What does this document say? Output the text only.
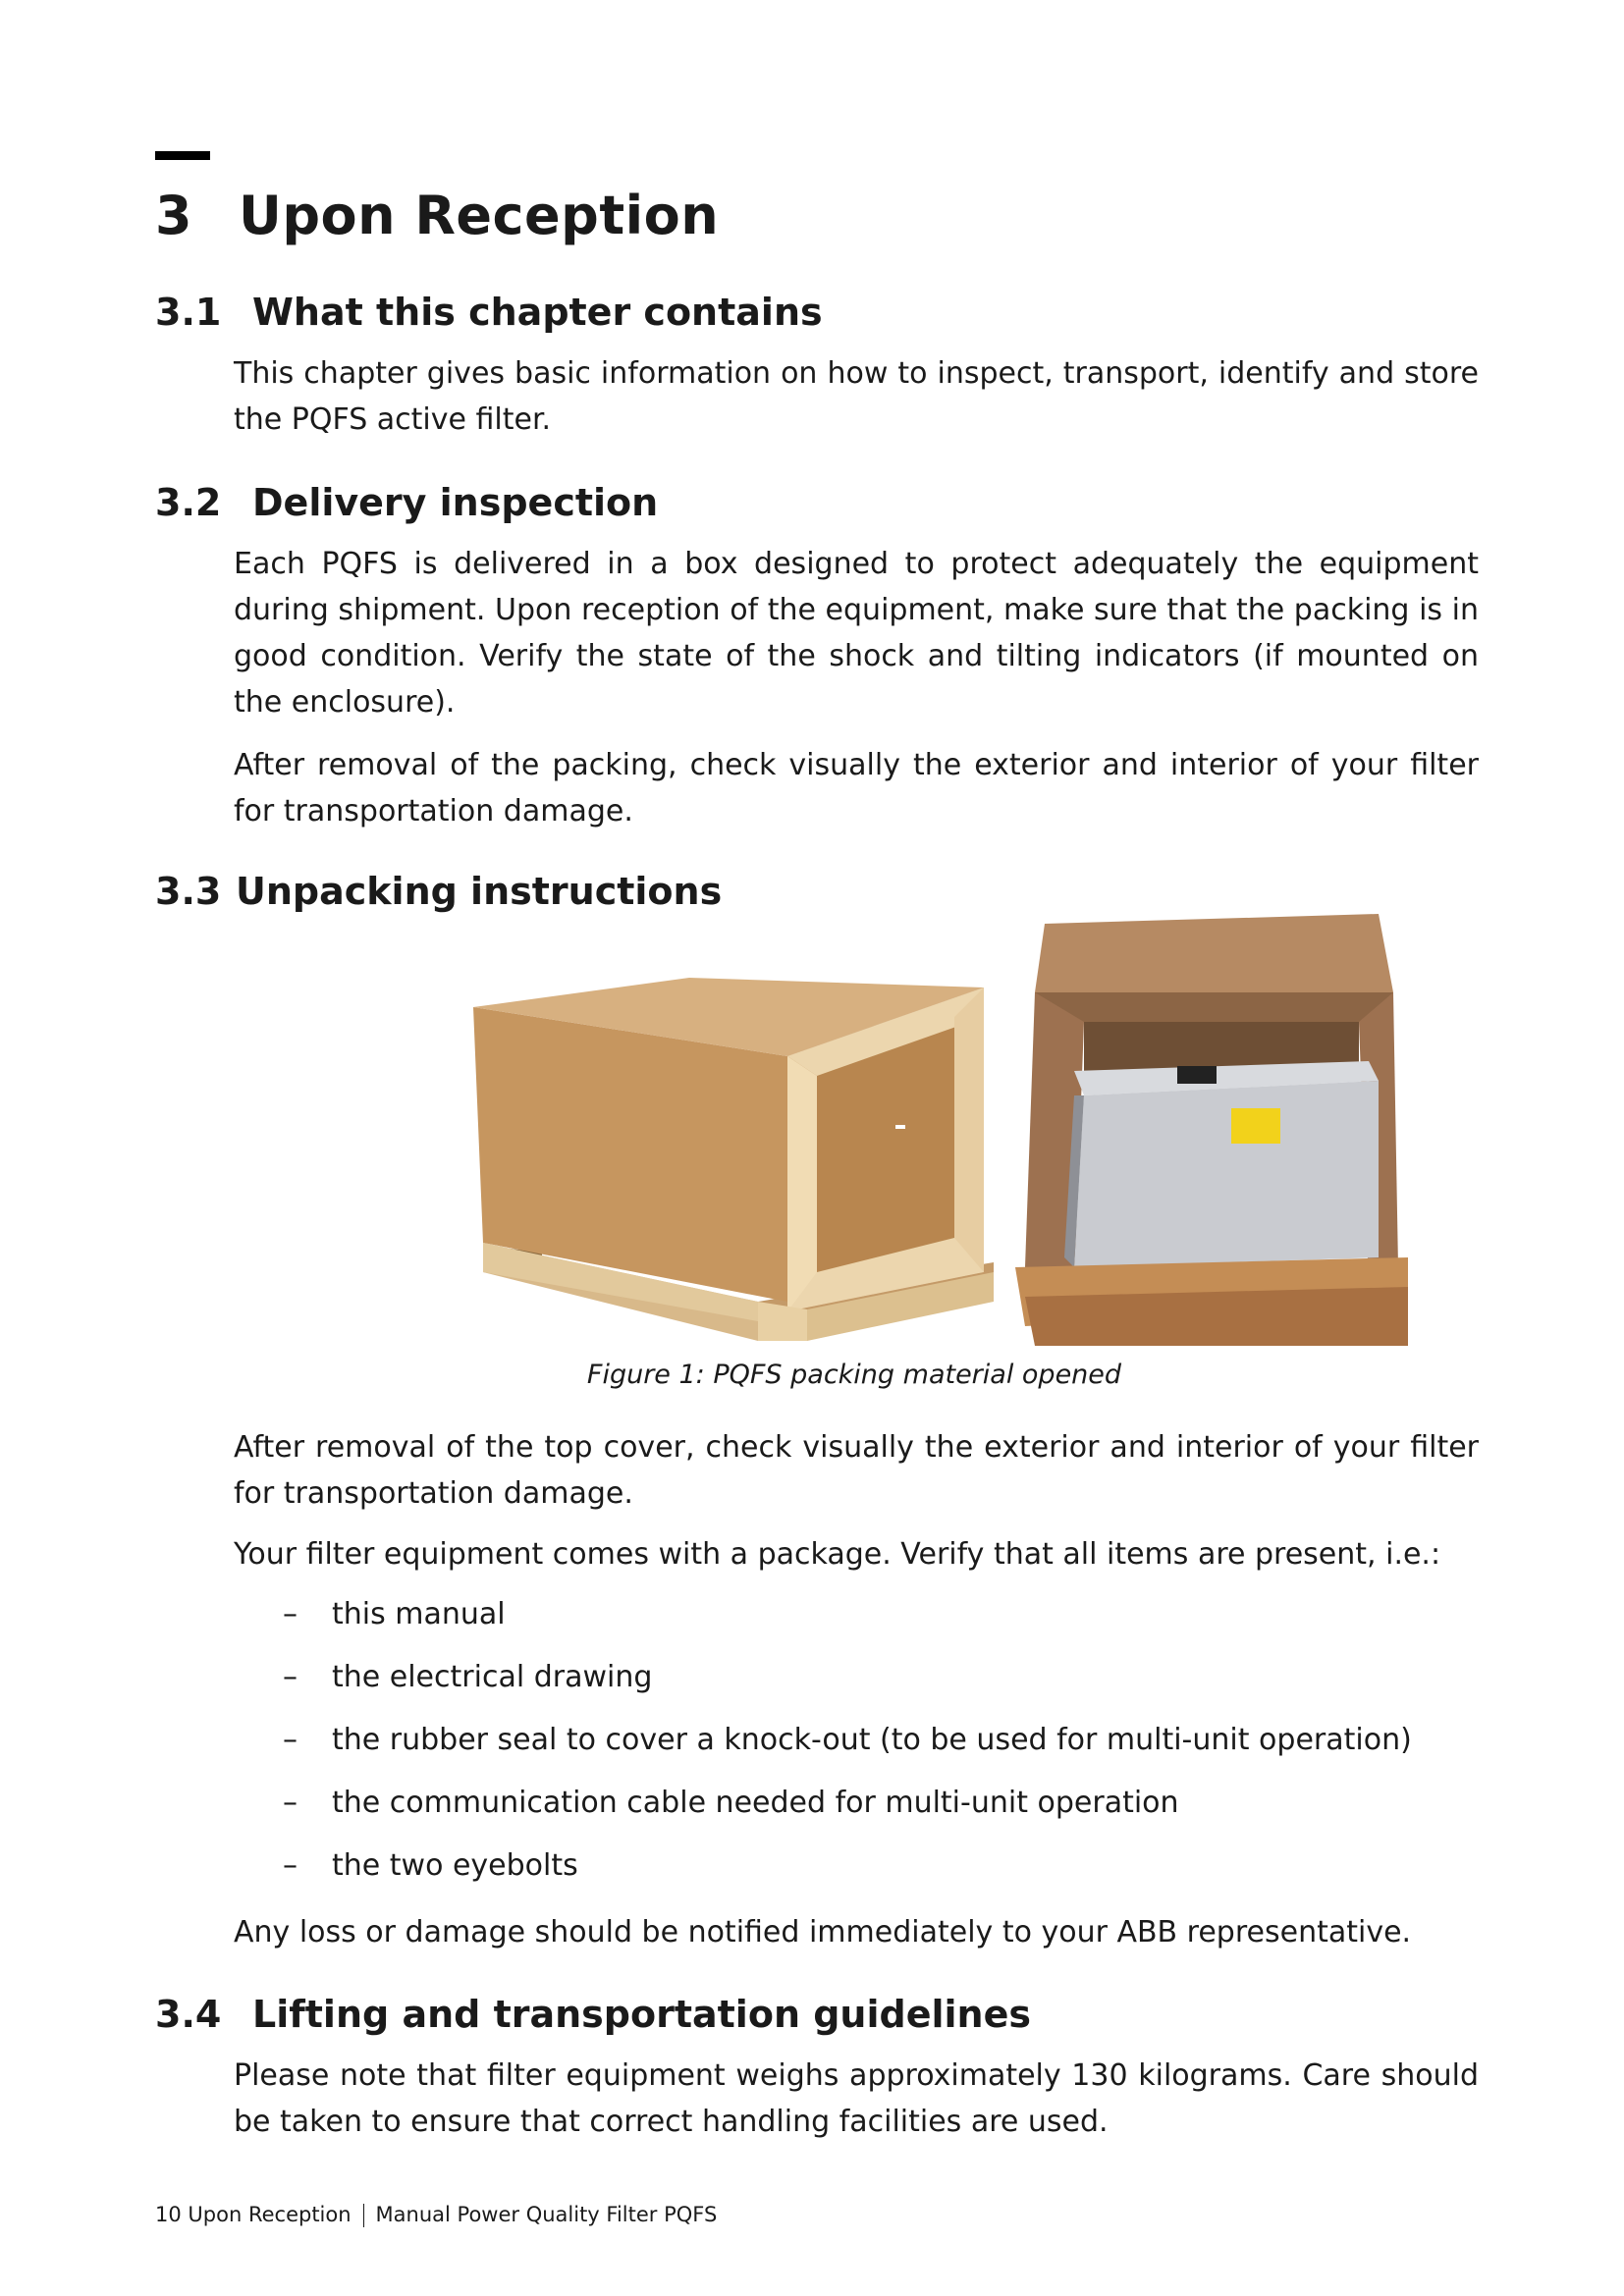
3 Upon Reception
3.1 What this chapter contains

This chapter gives basic information on how to inspect, transport, identify and store the PQFS active filter.

3.2 Delivery inspection

Each PQFS is delivered in a box designed to protect adequately the equipment during shipment. Upon reception of the equipment, make sure that the packing is in good condition. Verify the state of the shock and tilting indicators (if mounted on the enclosure).

After removal of the packing, check visually the exterior and interior of your filter for transportation damage.

3.3 Unpacking instructions

Figure 1: PQFS packing material opened

After removal of the top cover, check visually the exterior and interior of your filter for transportation damage.

Your filter equipment comes with a package. Verify that all items are present, i.e.:

– this manual
– the electrical drawing
– the rubber seal to cover a knock-out (to be used for multi-unit operation)
– the communication cable needed for multi-unit operation
– the two eyebolts

Any loss or damage should be notified immediately to your ABB representative.

3.4 Lifting and transportation guidelines

Please note that filter equipment weighs approximately 130 kilograms. Care should be taken to ensure that correct handling facilities are used.

10 Upon Reception Manual Power Quality Filter PQFS
